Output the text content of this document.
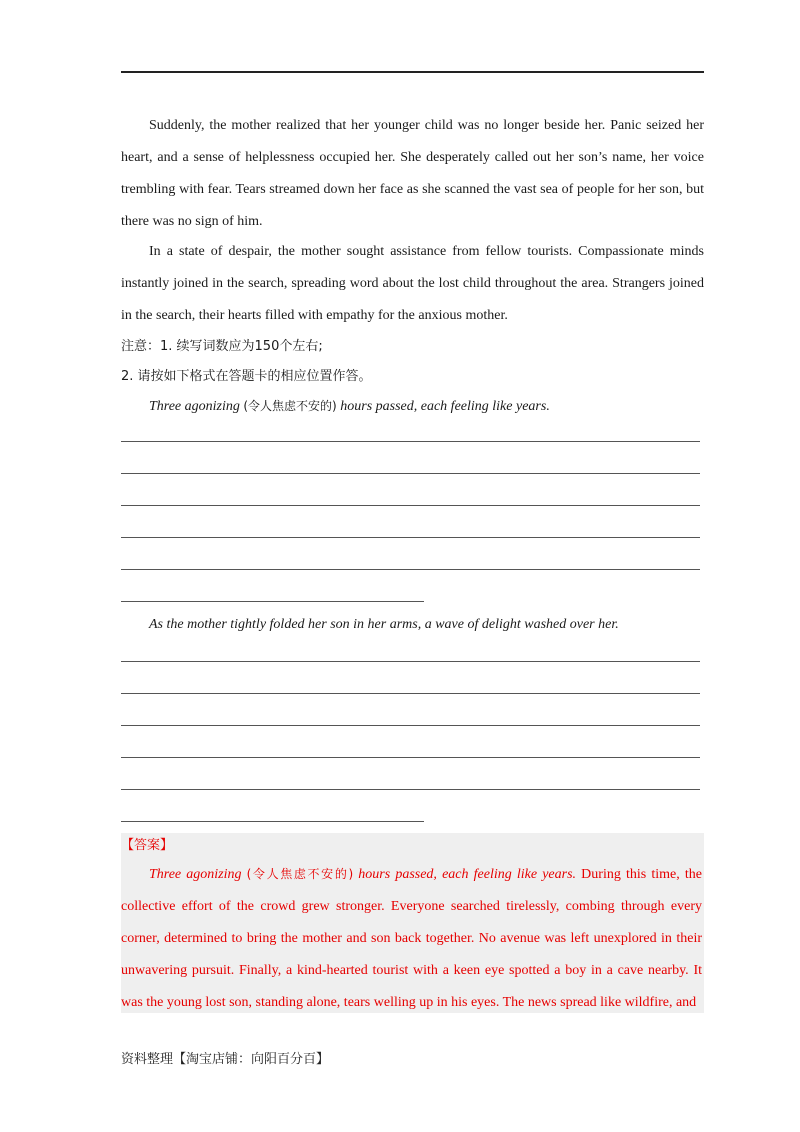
Suddenly, the mother realized that her younger child was no longer beside her. Panic seized her heart, and a sense of helplessness occupied her. She desperately called out her son’s name, her voice trembling with fear. Tears streamed down her face as she scanned the vast sea of people for her son, but there was no sign of him.

In a state of despair, the mother sought assistance from fellow tourists. Compassionate minds instantly joined in the search, spreading word about the lost child throughout the area. Strangers joined in the search, their hearts filled with empathy for the anxious mother.

注意：1. 续写词数应为150个左右;

2. 请按如下格式在答题卡的相应位置作答。

Three agonizing (令人焦虑不安的) hours passed, each feeling like years.

As the mother tightly folded her son in her arms, a wave of delight washed over her.

【答案】

Three agonizing (令人焦虑不安的) hours passed, each feeling like years. During this time, the collective effort of the crowd grew stronger. Everyone searched tirelessly, combing through every corner, determined to bring the mother and son back together. No avenue was left unexplored in their unwavering pursuit. Finally, a kind-hearted tourist with a keen eye spotted a boy in a cave nearby. It was the young lost son, standing alone, tears welling up in his eyes. The news spread like wildfire, and

资料整理【淘宝店铺：向阳百分百】
